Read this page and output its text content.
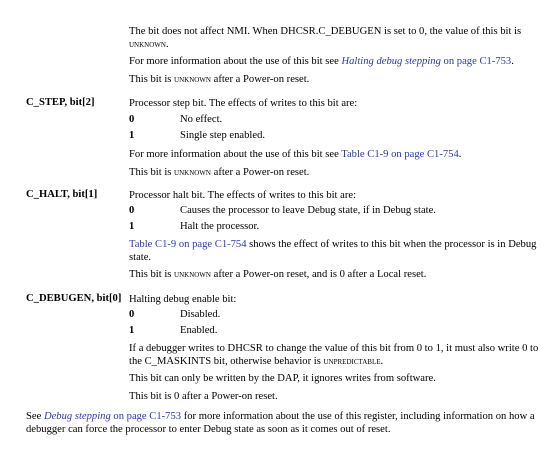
The bit does not affect NMI. When DHCSR.C_DEBUGEN is set to 0, the value of this bit is unknown.
For more information about the use of this bit see Halting debug stepping on page C1-753.
This bit is unknown after a Power-on reset.
C_STEP, bit[2]	Processor step bit. The effects of writes to this bit are:
0	No effect.
1	Single step enabled.
For more information about the use of this bit see Table C1-9 on page C1-754.
This bit is unknown after a Power-on reset.
C_HALT, bit[1]	Processor halt bit. The effects of writes to this bit are:
0	Causes the processor to leave Debug state, if in Debug state.
1	Halt the processor.
Table C1-9 on page C1-754 shows the effect of writes to this bit when the processor is in Debug state.
This bit is unknown after a Power-on reset, and is 0 after a Local reset.
C_DEBUGEN, bit[0] Halting debug enable bit:
0	Disabled.
1	Enabled.
If a debugger writes to DHCSR to change the value of this bit from 0 to 1, it must also write 0 to the C_MASKINTS bit, otherwise behavior is unpredictable.
This bit can only be written by the DAP, it ignores writes from software.
This bit is 0 after a Power-on reset.
See Debug stepping on page C1-753 for more information about the use of this register, including information on how a debugger can force the processor to enter Debug state as soon as it comes out of reset.
